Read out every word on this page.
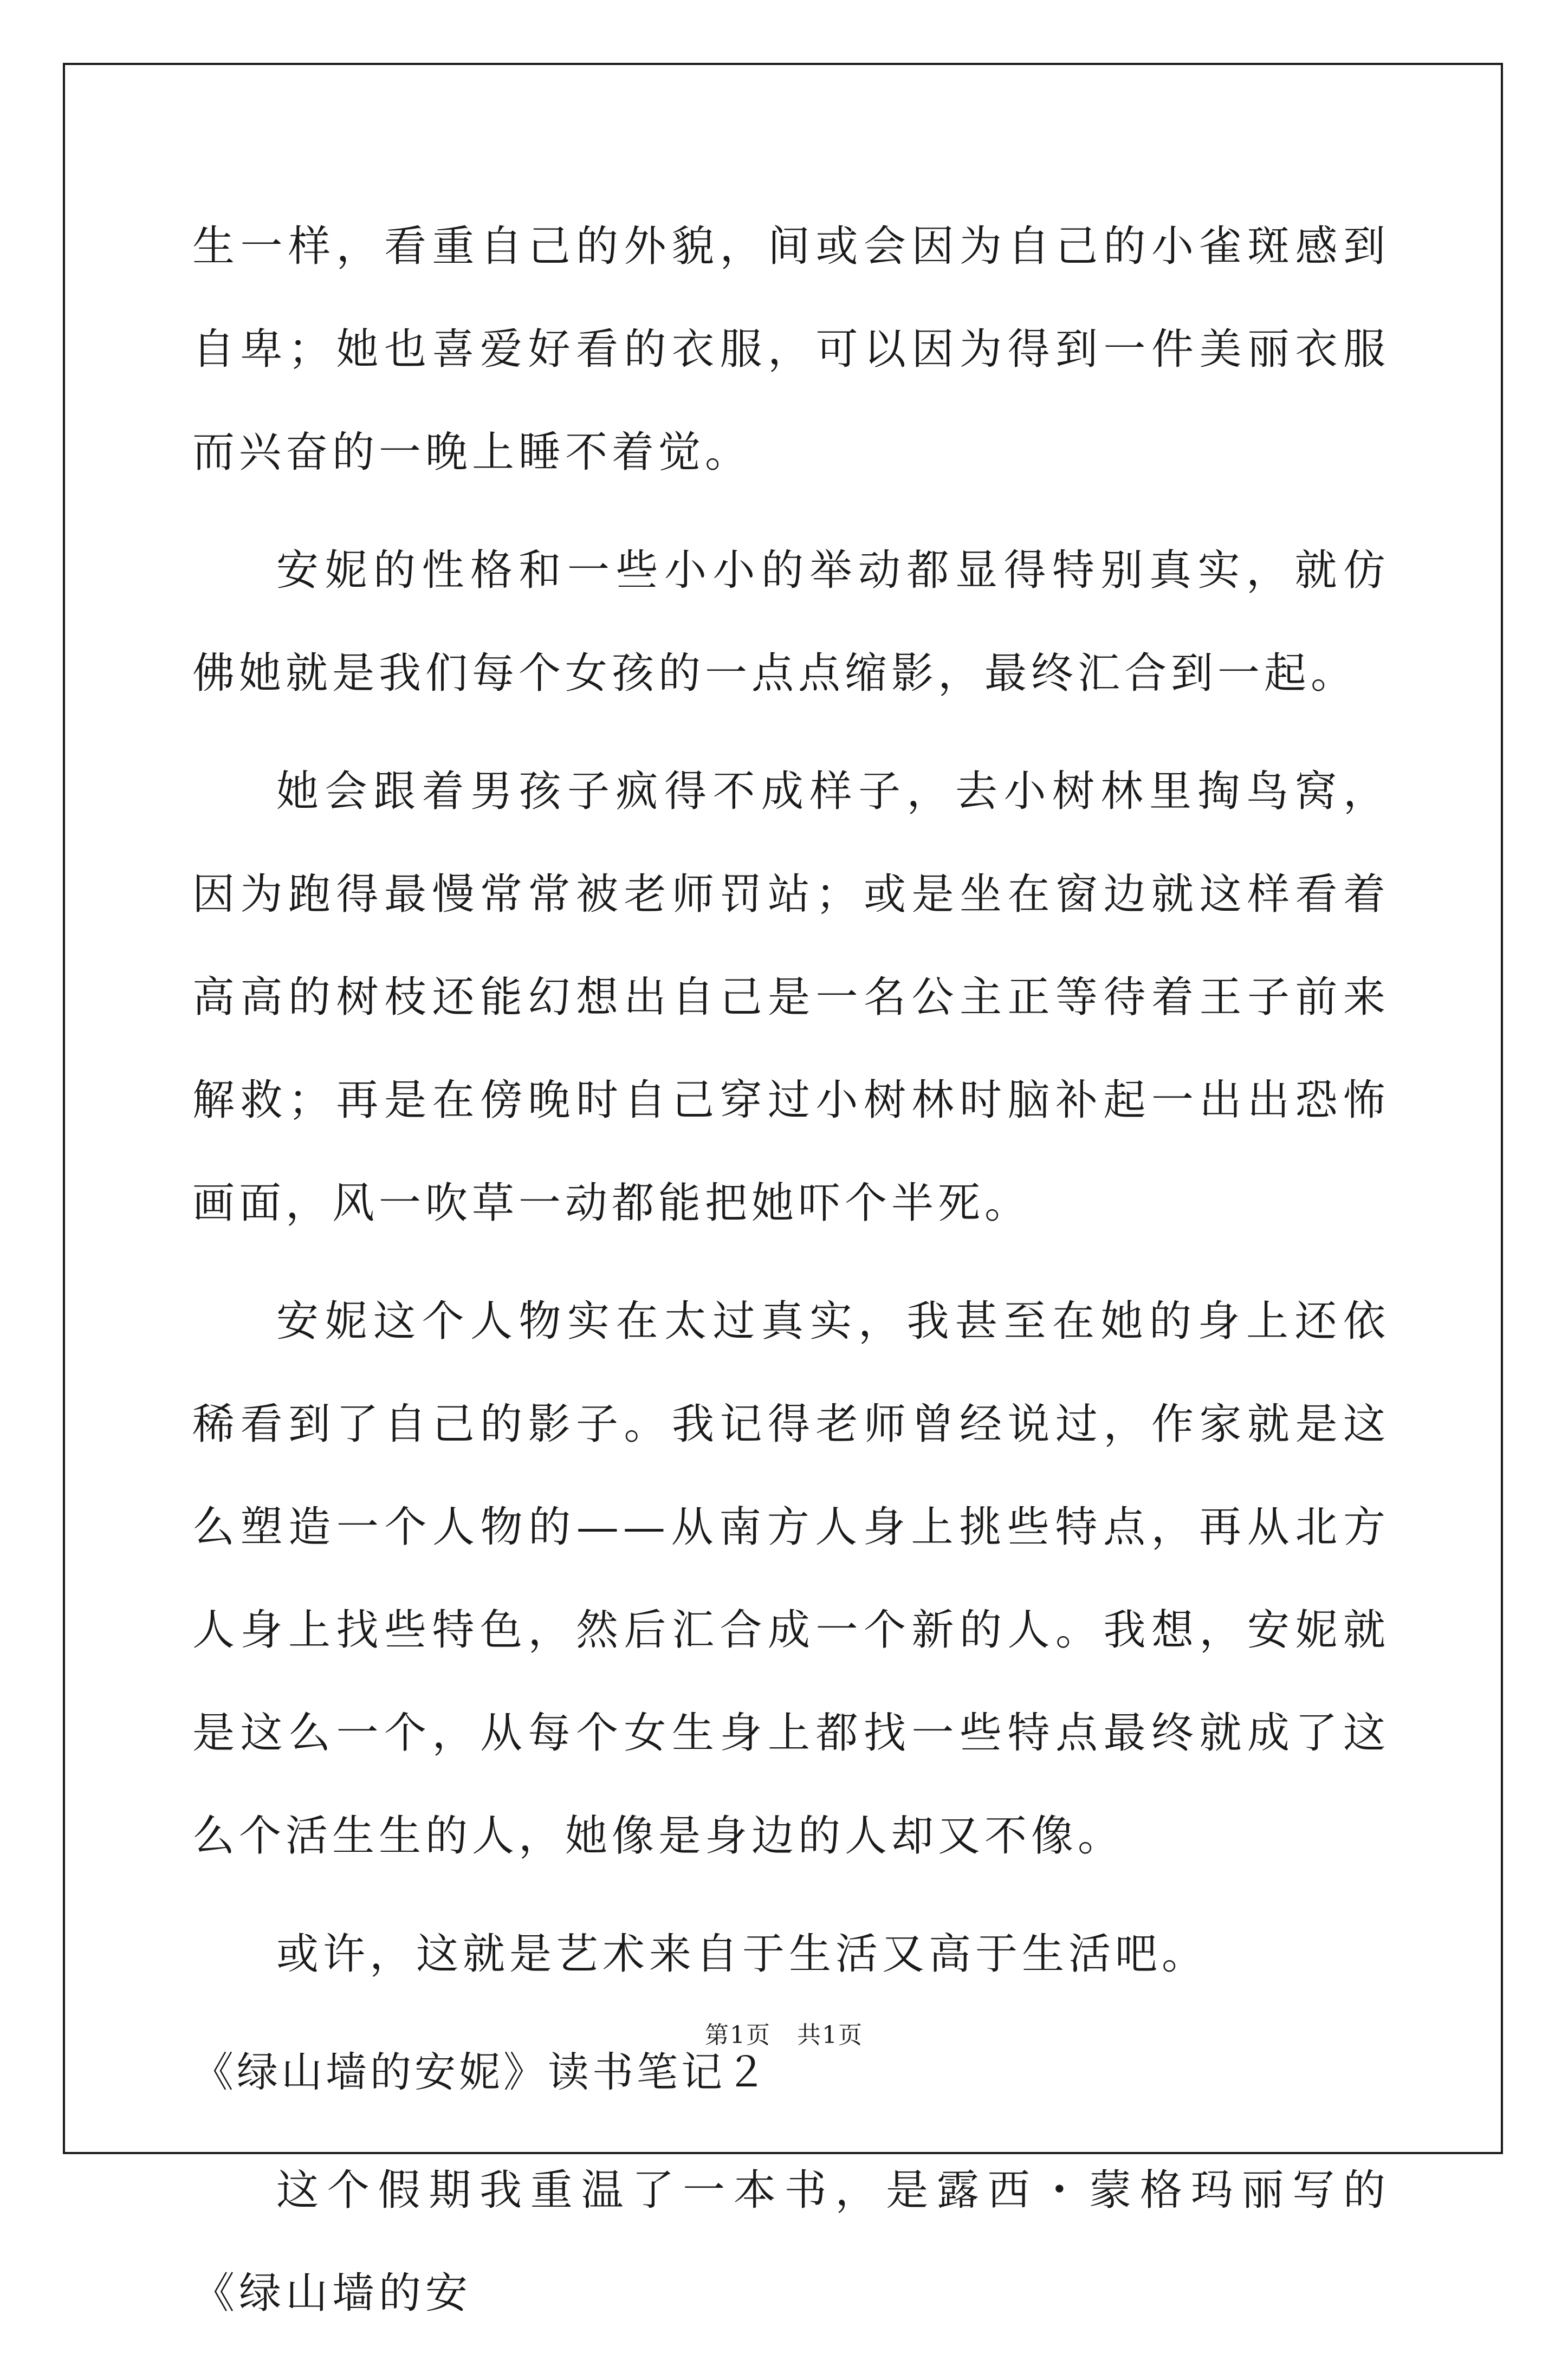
生一样，看重自己的外貌，间或会因为自己的小雀斑感到自卑；她也喜爱好看的衣服，可以因为得到一件美丽衣服而兴奋的一晚上睡不着觉。

安妮的性格和一些小小的举动都显得特别真实，就仿佛她就是我们每个女孩的一点点缩影，最终汇合到一起。

她会跟着男孩子疯得不成样子，去小树林里掏鸟窝，因为跑得最慢常常被老师罚站；或是坐在窗边就这样看着高高的树枝还能幻想出自己是一名公主正等待着王子前来解救；再是在傍晚时自己穿过小树林时脑补起一出出恐怖画面，风一吹草一动都能把她吓个半死。

安妮这个人物实在太过真实，我甚至在她的身上还依稀看到了自己的影子。我记得老师曾经说过，作家就是这么塑造一个人物的——从南方人身上挑些特点，再从北方人身上找些特色，然后汇合成一个新的人。我想，安妮就是这么一个，从每个女生身上都找一些特点最终就成了这么个活生生的人，她像是身边的人却又不像。

或许，这就是艺术来自于生活又高于生活吧。

《绿山墙的安妮》读书笔记２

这个假期我重温了一本书，是露西・蒙格玛丽写的《绿山墙的安

第1页 共1页
